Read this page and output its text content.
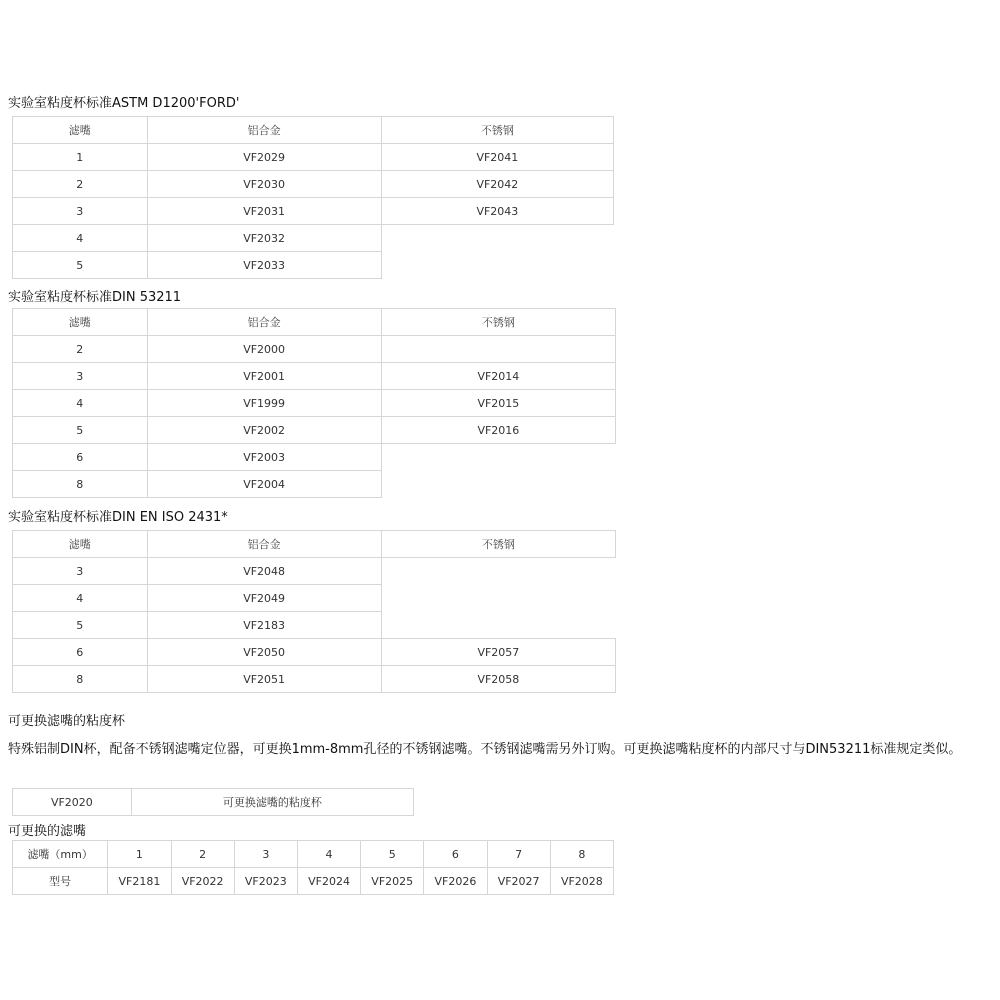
实验室粘度杯标准ASTM D1200'FORD'
滤嘴	铝合金	不锈钢
1	VF2029	VF2041
2	VF2030	VF2042
3	VF2031	VF2043
4	VF2032	
5	VF2033	
实验室粘度杯标准DIN 53211
滤嘴	铝合金	不锈钢
2	VF2000	
3	VF2001	VF2014
4	VF1999	VF2015
5	VF2002	VF2016
6	VF2003	
8	VF2004	
实验室粘度杯标准DIN EN ISO 2431*
滤嘴	铝合金	不锈钢
3	VF2048	
4	VF2049	
5	VF2183	
6	VF2050	VF2057
8	VF2051	VF2058
可更换滤嘴的粘度杯
特殊铝制DIN杯，配备不锈钢滤嘴定位器，可更换1mm-8mm孔径的不锈钢滤嘴。不锈钢滤嘴需另外订购。可更换滤嘴粘度杯的内部尺寸与DIN53211标准规定类似。
VF2020	可更换滤嘴的粘度杯
可更换的滤嘴
滤嘴（mm）	1	2	3	4	5	6	7	8
型号	VF2181	VF2022	VF2023	VF2024	VF2025	VF2026	VF2027	VF2028
